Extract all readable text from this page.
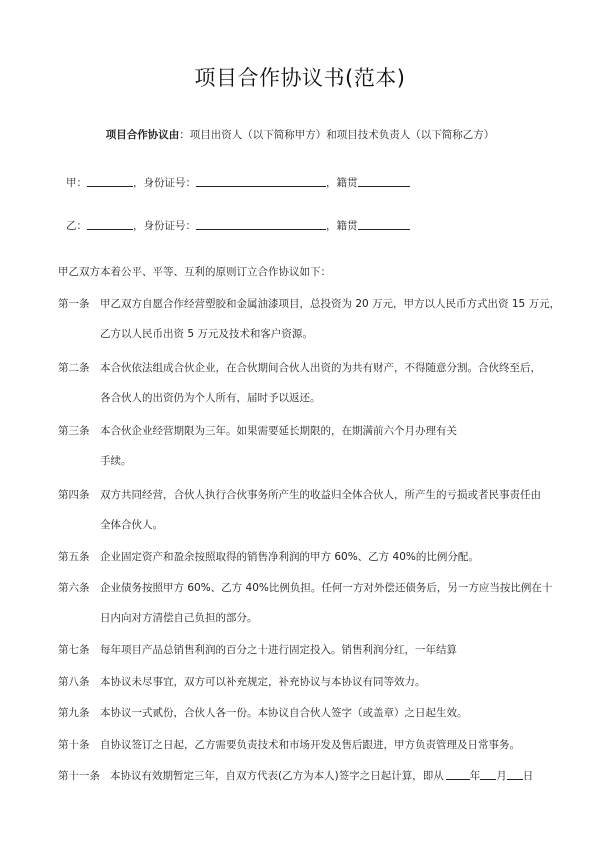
项目合作协议书(范本)
项目合作协议由：项目出资人（以下简称甲方）和项目技术负责人（以下简称乙方）
甲：	，身份证号：	，籍贯
乙：	，身份证号：	，籍贯
甲乙双方本着公平、平等、互利的原则订立合作协议如下：
第一条 甲乙双方自愿合作经营塑胶和金属油漆项目，总投资为 20 万元，甲方以人民币方式出资 15 万元，
乙方以人民币出资 5 万元及技术和客户资源。
第二条 本合伙依法组成合伙企业，在合伙期间合伙人出资的为共有财产，不得随意分割。合伙终至后，
各合伙人的出资仍为个人所有，届时予以返还。
第三条 本合伙企业经营期限为三年。如果需要延长期限的，在期满前六个月办理有关
手续。
第四条 双方共同经营，合伙人执行合伙事务所产生的收益归全体合伙人，所产生的亏损或者民事责任由
全体合伙人。
第五条 企业固定资产和盈余按照取得的销售净利润的甲方 60%、乙方 40%的比例分配。
第六条 企业债务按照甲方 60%、乙方 40%比例负担。任何一方对外偿还债务后，另一方应当按比例在十
日内向对方清偿自己负担的部分。
第七条 每年项目产品总销售利润的百分之十进行固定投入。销售利润分红，一年结算
第八条 本协议未尽事宜，双方可以补充规定，补充协议与本协议有同等效力。
第九条 本协议一式贰份，合伙人各一份。本协议自合伙人签字（或盖章）之日起生效。
第十条 自协议签订之日起，乙方需要负责技术和市场开发及售后跟进，甲方负责管理及日常事务。
第十一条 本协议有效期暂定三年，自双方代表(乙方为本人)签字之日起计算，即从 年 月 日
